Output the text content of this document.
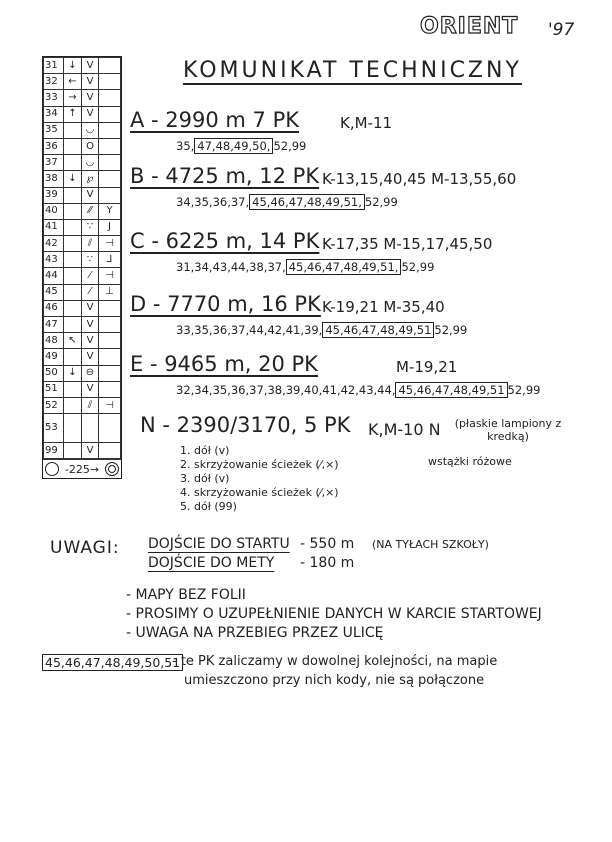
ORIENT '97
KOMUNIKAT TECHNICZNY
31	↓	V	
32	←	V	
33	→	V	
34	↑	V	
35		◡	
36		O	
37		◡	
38	↓	℘	
39		V	
40		⁄⁄	Y
41		∵	J
42		⫽	⊣
43		∵	⅃
44		⁄	⊣
45		⁄	⊥
46		V	
47		V	
48	↖	V	
49		V	
50	↓	⊖	
51		V	
52		⫽	⊣
53			
99		V	
-225→
A - 2990 m 7 PK	K,M-11
35, 47,48,49,50, 52,99
B - 4725 m, 12 PK K-13,15,40,45 M-13,55,60
34,35,36,37, 45,46,47,48,49,51, 52,99
C - 6225 m, 14 PK K-17,35 M-15,17,45,50
31,34,43,44,38,37, 45,46,47,48,49,51, 52,99
D - 7770 m, 16 PK K-19,21 M-35,40
33,35,36,37,44,42,41,39, 45,46,47,48,49,51 52,99
E - 9465 m, 20 PK	M-19,21
32,34,35,36,37,38,39,40,41,42,43,44, 45,46,47,48,49,51 52,99
N - 2390/3170, 5 PK K,M-10 N	(płaskie lampiony z kredką)
wstążki różowe
1. dół (v)
2. skrzyżowanie ścieżek (⁄,×)
3. dół (v)
4. skrzyżowanie ścieżek (⁄,×)
5. dół (99)
UWAGI: DOJŚCIE DO STARTU - 550 m (NA TYŁACH SZKOŁY)
DOJŚCIE DO METY - 180 m
- MAPY BEZ FOLII
- PROSIMY O UZUPEŁNIENIE DANYCH W KARCIE STARTOWEJ
- UWAGA NA PRZEBIEG PRZEZ ULICĘ
45,46,47,48,49,50,51
- te PK zaliczamy w dowolnej kolejności, na mapie
umieszczono przy nich kody, nie są połączone
